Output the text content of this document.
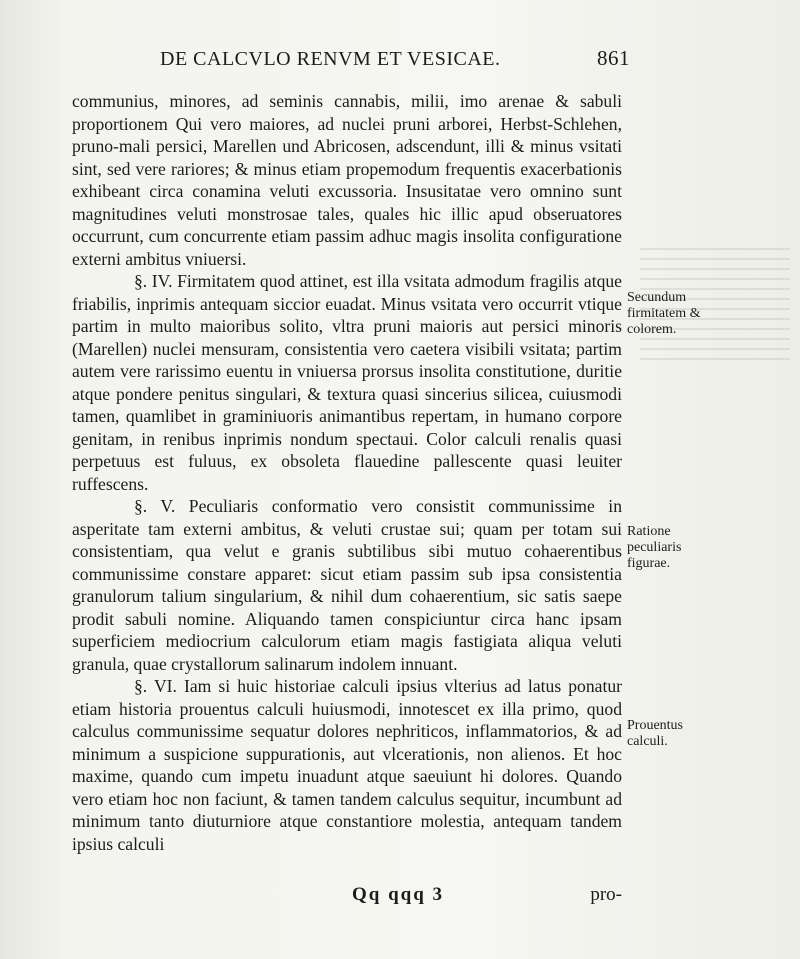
DE CALCVLO RENVM ET VESICAE.	861

communius, minores, ad seminis cannabis, milii, imo arenae & sabuli proportionem Qui vero maiores, ad nuclei pruni arborei, Herbst-Schlehen, pruno-mali persici, Marellen und Abricosen, adscendunt, illi & minus vsitati sint, sed vere rariores; & minus etiam propemodum frequentis exacerbationis exhibeant circa conamina veluti excussoria. Insusitatae vero omnino sunt magnitudines veluti monstrosae tales, quales hic illic apud obseruatores occurrunt, cum concurrente etiam passim adhuc magis insolita configuratione externi ambitus vniuersi.

§. IV. Firmitatem quod attinet, est illa vsitata admodum fragilis atque friabilis, inprimis antequam siccior euadat. Minus vsitata vero occurrit vtique partim in multo maioribus solito, vltra pruni maioris aut persici minoris (Marellen) nuclei mensuram, consistentia vero caetera visibili vsitata; partim autem vere rarissimo euentu in vniuersa prorsus insolita constitutione, duritie atque pondere penitus singulari, & textura quasi sincerius silicea, cuiusmodi tamen, quamlibet in graminiuoris animantibus repertam, in humano corpore genitam, in renibus inprimis nondum spectaui. Color calculi renalis quasi perpetuus est fuluus, ex obsoleta flauedine pallescente quasi leuiter ruffescens.

§. V. Peculiaris conformatio vero consistit communissime in asperitate tam externi ambitus, & veluti crustae sui; quam per totam sui consistentiam, qua velut e granis subtilibus sibi mutuo cohaerentibus communissime constare apparet: sicut etiam passim sub ipsa consistentia granulorum talium singularium, & nihil dum cohaerentium, sic satis saepe prodit sabuli nomine. Aliquando tamen conspiciuntur circa hanc ipsam superficiem mediocrium calculorum etiam magis fastigiata aliqua veluti granula, quae crystallorum salinarum indolem innuant.

§. VI. Iam si huic historiae calculi ipsius vlterius ad latus ponatur etiam historia prouentus calculi huiusmodi, innotescet ex illa primo, quod calculus communissime sequatur dolores nephriticos, inflammatorios, & ad minimum a suspicione suppurationis, aut vlcerationis, non alienos. Et hoc maxime, quando cum impetu inuadunt atque saeuiunt hi dolores. Quando vero etiam hoc non faciunt, & tamen tandem calculus sequitur, incumbunt ad minimum tanto diuturniore atque constantiore molestia, antequam tandem ipsius calculi

Secundum firmitatem & colorem.
Ratione peculiaris figurae.
Prouentus calculi.
Qq qqq 3	pro-
